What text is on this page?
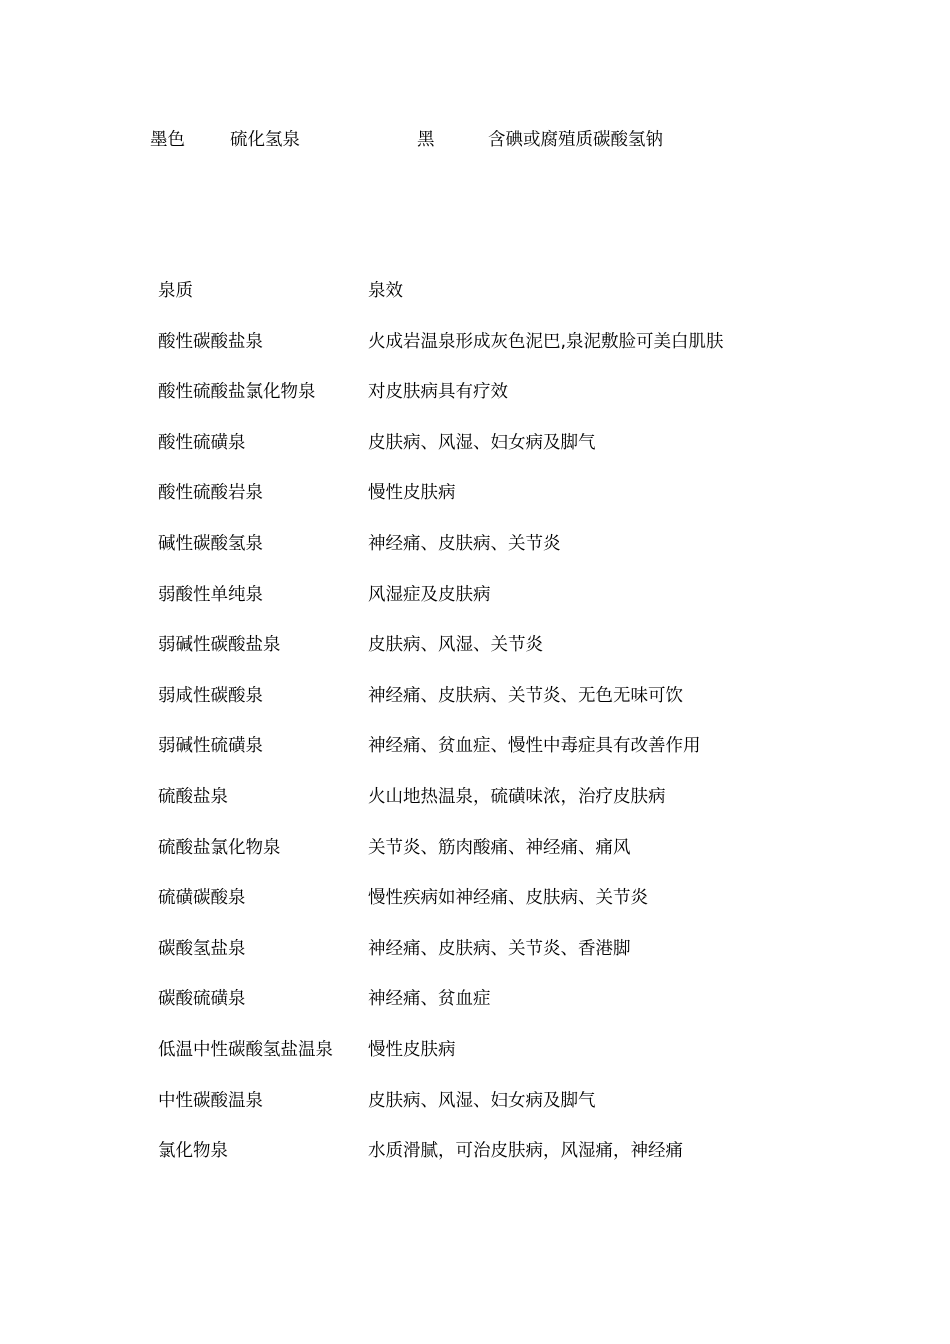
墨色	硫化氢泉	黑	含碘或腐殖质碳酸氢钠
泉质	泉效
酸性碳酸盐泉	火成岩温泉形成灰色泥巴,泉泥敷脸可美白肌肤
酸性硫酸盐氯化物泉	对皮肤病具有疗效
酸性硫磺泉	皮肤病、风湿、妇女病及脚气
酸性硫酸岩泉	慢性皮肤病
碱性碳酸氢泉	神经痛、皮肤病、关节炎
弱酸性单纯泉	风湿症及皮肤病
弱碱性碳酸盐泉	皮肤病、风湿、关节炎
弱咸性碳酸泉	神经痛、皮肤病、关节炎、无色无味可饮
弱碱性硫磺泉	神经痛、贫血症、慢性中毒症具有改善作用
硫酸盐泉	火山地热温泉，硫磺味浓，治疗皮肤病
硫酸盐氯化物泉	关节炎、筋肉酸痛、神经痛、痛风
硫磺碳酸泉	慢性疾病如神经痛、皮肤病、关节炎
碳酸氢盐泉	神经痛、皮肤病、关节炎、香港脚
碳酸硫磺泉	神经痛、贫血症
低温中性碳酸氢盐温泉	慢性皮肤病
中性碳酸温泉	皮肤病、风湿、妇女病及脚气
氯化物泉	水质滑腻，可治皮肤病，风湿痛，神经痛
